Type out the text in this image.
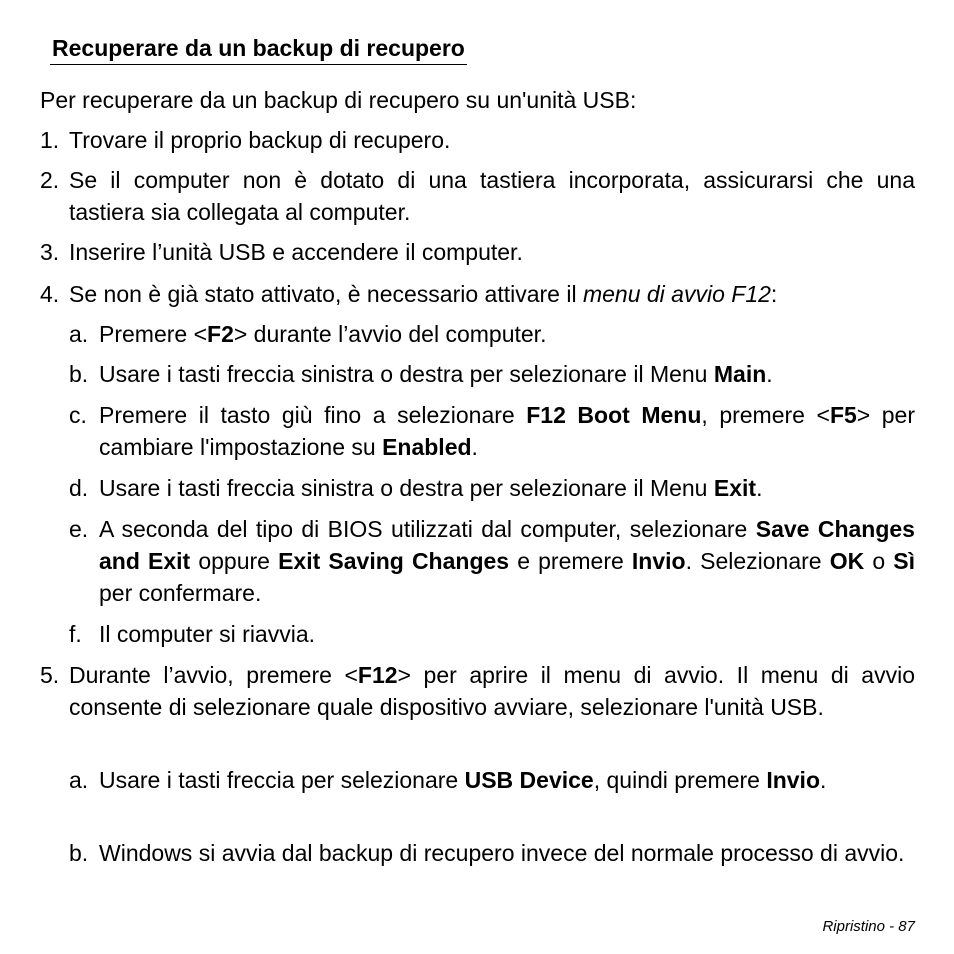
Recuperare da un backup di recupero
Per recuperare da un backup di recupero su un'unità USB:
1. Trovare il proprio backup di recupero.
2. Se il computer non è dotato di una tastiera incorporata, assicurarsi che una tastiera sia collegata al computer.
3. Inserire l’unità USB e accendere il computer.
4. Se non è già stato attivato, è necessario attivare il menu di avvio F12:
a. Premere <F2> durante l’avvio del computer.
b. Usare i tasti freccia sinistra o destra per selezionare il Menu Main.
c. Premere il tasto giù fino a selezionare F12 Boot Menu, premere <F5> per cambiare l'impostazione su Enabled.
d. Usare i tasti freccia sinistra o destra per selezionare il Menu Exit.
e. A seconda del tipo di BIOS utilizzati dal computer, selezionare Save Changes and Exit oppure Exit Saving Changes e premere Invio. Selezionare OK o Sì per confermare.
f. Il computer si riavvia.
5. Durante l’avvio, premere <F12> per aprire il menu di avvio. Il menu di avvio consente di selezionare quale dispositivo avviare, selezionare l'unità USB.
a. Usare i tasti freccia per selezionare USB Device, quindi premere Invio.
b. Windows si avvia dal backup di recupero invece del normale processo di avvio.
Ripristino - 87
